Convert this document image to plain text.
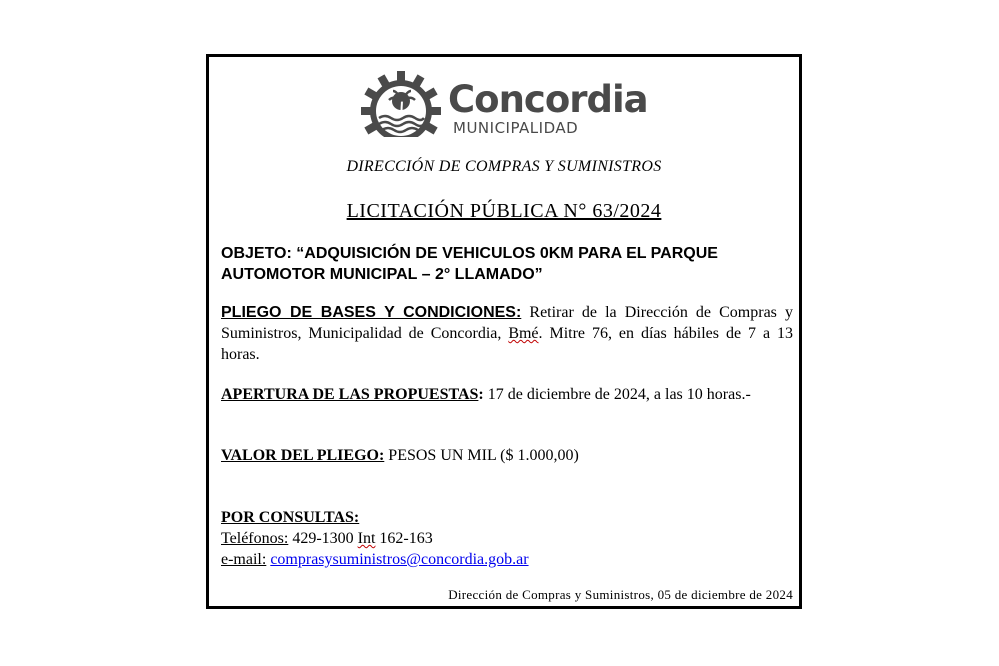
Concordia
MUNICIPALIDAD
DIRECCIÓN DE COMPRAS Y SUMINISTROS
LICITACIÓN PÚBLICA N° 63/2024
OBJETO: “ADQUISICIÓN DE VEHICULOS 0KM PARA EL PARQUE
AUTOMOTOR MUNICIPAL – 2° LLAMADO”
PLIEGO DE BASES Y CONDICIONES: Retirar de la Dirección de Compras y Suministros, Municipalidad de Concordia, Bmé. Mitre 76, en días hábiles de 7 a 13 horas.
APERTURA DE LAS PROPUESTAS: 17 de diciembre de 2024, a las 10 horas.-
VALOR DEL PLIEGO: PESOS UN MIL ($ 1.000,00)
POR CONSULTAS:
Teléfonos: 429-1300 Int 162-163
e-mail: comprasysuministros@concordia.gob.ar
Dirección de Compras y Suministros, 05 de diciembre de 2024
